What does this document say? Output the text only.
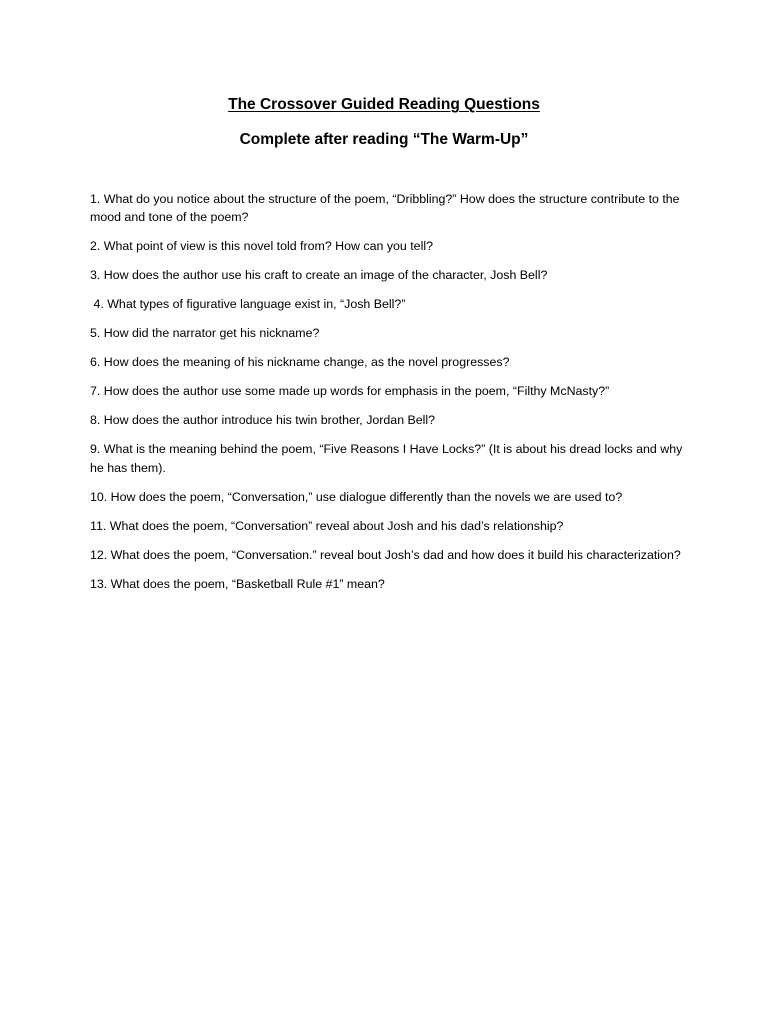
The Crossover Guided Reading Questions
Complete after reading “The Warm-Up”
1. What do you notice about the structure of the poem, “Dribbling?” How does the structure contribute to the mood and tone of the poem?
2. What point of view is this novel told from? How can you tell?
3. How does the author use his craft to create an image of the character, Josh Bell?
4. What types of figurative language exist in, “Josh Bell?”
5. How did the narrator get his nickname?
6. How does the meaning of his nickname change, as the novel progresses?
7. How does the author use some made up words for emphasis in the poem, “Filthy McNasty?”
8. How does the author introduce his twin brother, Jordan Bell?
9. What is the meaning behind the poem, “Five Reasons I Have Locks?” (It is about his dread locks and why he has them).
10. How does the poem, “Conversation,” use dialogue differently than the novels we are used to?
11. What does the poem, “Conversation” reveal about Josh and his dad’s relationship?
12. What does the poem, “Conversation.” reveal bout Josh’s dad and how does it build his characterization?
13. What does the poem, “Basketball Rule #1” mean?
